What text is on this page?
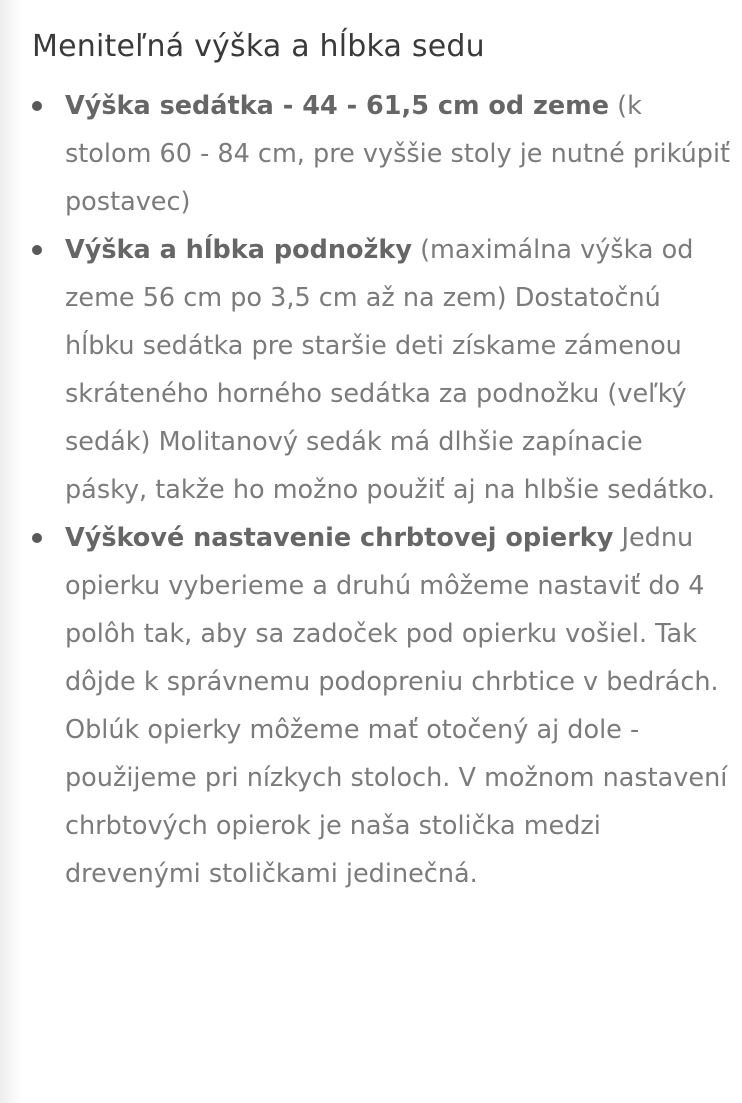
Meniteľná výška a hĺbka sedu
Výška sedátka - 44 - 61,5 cm od zeme (k stolom 60 - 84 cm, pre vyššie stoly je nutné prikúpiť postavec)
Výška a hĺbka podnožky (maximálna výška od zeme 56 cm po 3,5 cm až na zem) Dostatočnú hĺbku sedátka pre staršie deti získame zámenou skráteného horného sedátka za podnožku (veľký sedák) Molitanový sedák má dlhšie zapínacie pásky, takže ho možno použiť aj na hlbšie sedátko.
Výškové nastavenie chrbtovej opierky Jednu opierku vyberieme a druhú môžeme nastaviť do 4 polôh tak, aby sa zadoček pod opierku vošiel. Tak dôjde k správnemu podopreniu chrbtice v bedrách. Oblúk opierky môžeme mať otočený aj dole - použijeme pri nízkych stoloch. V možnom nastavení chrbtových opierok je naša stolička medzi drevenými stoličkami jedinečná.
